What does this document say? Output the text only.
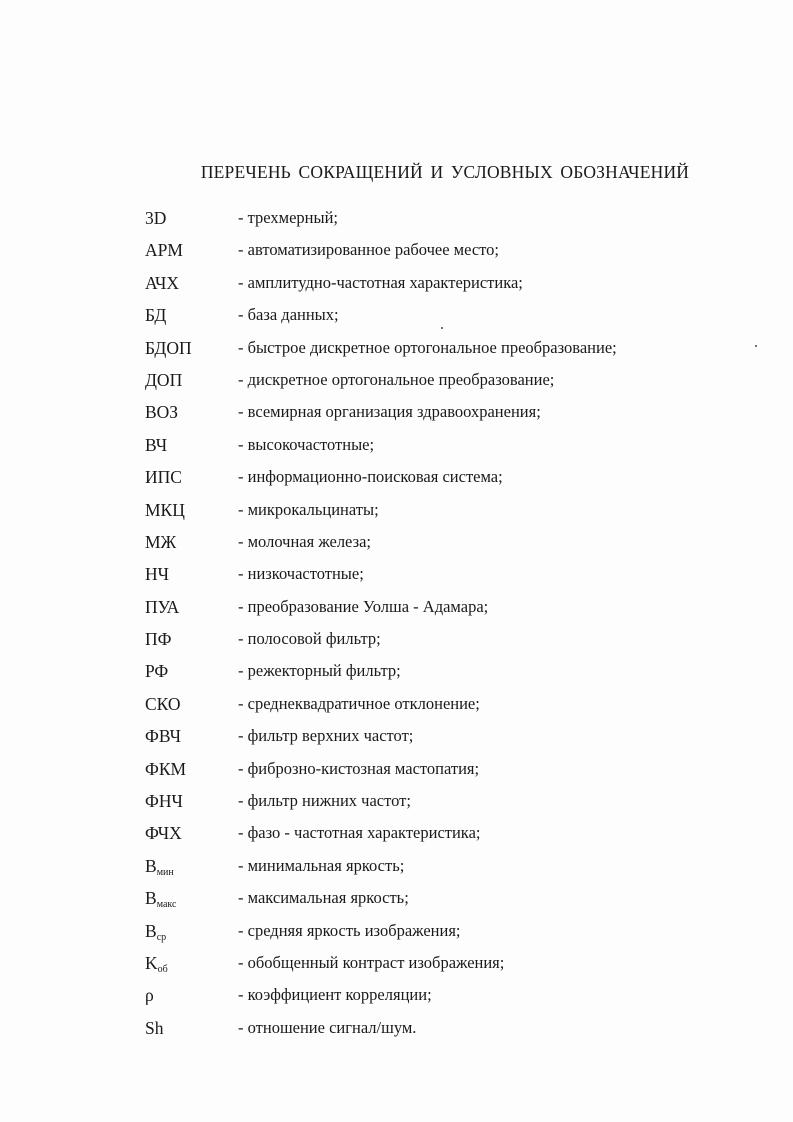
ПЕРЕЧЕНЬ СОКРАЩЕНИЙ И УСЛОВНЫХ ОБОЗНАЧЕНИЙ
3D	- трехмерный;
АРМ	- автоматизированное рабочее место;
АЧХ	- амплитудно-частотная характеристика;
БД	- база данных;
БДОП	- быстрое дискретное ортогональное преобразование;
ДОП	- дискретное ортогональное преобразование;
ВОЗ	- всемирная организация здравоохранения;
ВЧ	- высокочастотные;
ИПС	- информационно-поисковая система;
МКЦ	- микрокальцинаты;
МЖ	- молочная железа;
НЧ	- низкочастотные;
ПУА	- преобразование Уолша - Адамара;
ПФ	- полосовой фильтр;
РФ	- режекторный фильтр;
СКО	- среднеквадратичное отклонение;
ФВЧ	- фильтр верхних частот;
ФКМ	- фиброзно-кистозная мастопатия;
ФНЧ	- фильтр нижних частот;
ФЧХ	- фазо - частотная характеристика;
$B_{мин}$	- минимальная яркость;
$B_{макс}$	- максимальная яркость;
$B_{ср}$	- средняя яркость изображения;
$K_{об}$	- обобщенный контраст изображения;
ρ	- коэффициент корреляции;
Sh	- отношение сигнал/шум.
